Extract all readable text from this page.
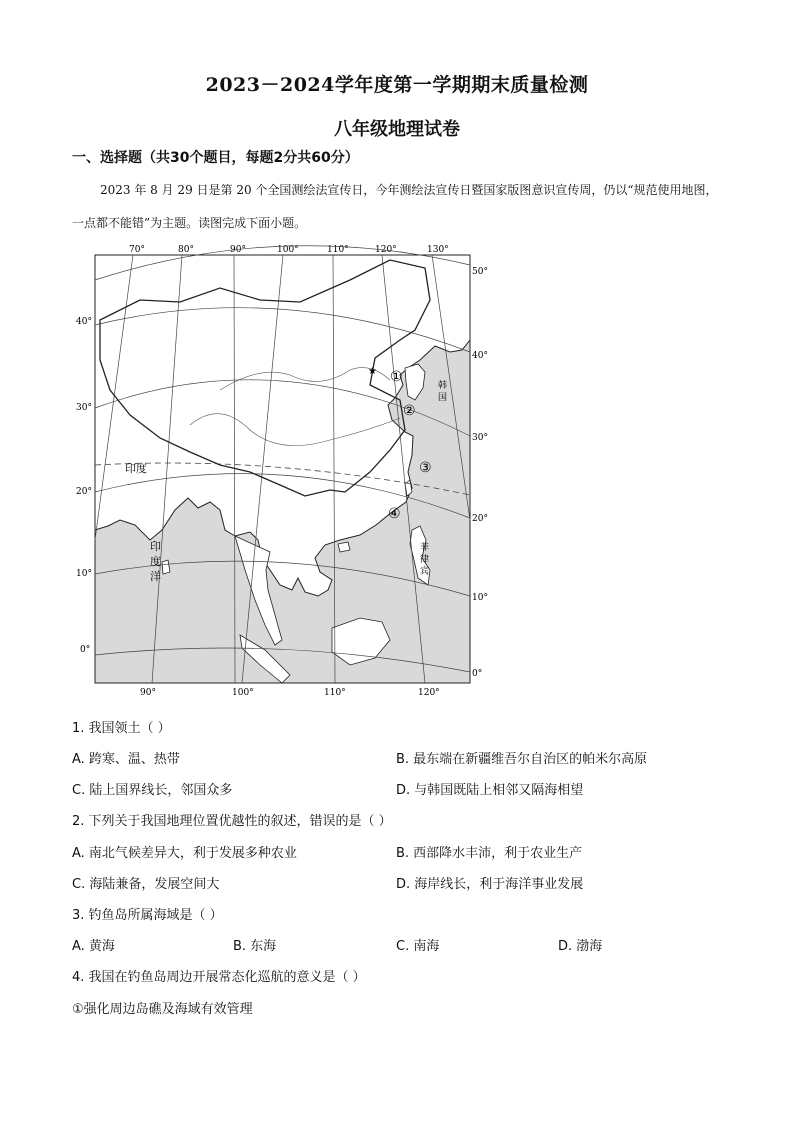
2023－2024学年度第一学期期末质量检测
八年级地理试卷
一、选择题（共30个题目，每题2分共60分）
2023 年 8 月 29 日是第 20 个全国测绘法宣传日，今年测绘法宣传日暨国家版图意识宣传周，仍以“规范使用地图，一点都不能错”为主题。读图完成下面小题。
70°	80°	90°	100°	110°	120°	130°
★ ①
②
③
④
印度
印
度
洋
韩
国
菲
律
宾
40°
30°
20°
10°
0°
50°
40°
30°
20°
10°
0°
90°	100°	110°	120°
1. 我国领土（ ）
A. 跨寒、温、热带	B. 最东端在新疆维吾尔自治区的帕米尔高原
C. 陆上国界线长，邻国众多	D. 与韩国既陆上相邻又隔海相望
2. 下列关于我国地理位置优越性的叙述，错误的是（ ）
A. 南北气候差异大，利于发展多种农业	B. 西部降水丰沛，利于农业生产
C. 海陆兼备，发展空间大	D. 海岸线长，利于海洋事业发展
3. 钓鱼岛所属海域是（ ）
A. 黄海	B. 东海	C. 南海	D. 渤海
4. 我国在钓鱼岛周边开展常态化巡航的意义是（ ）
①强化周边岛礁及海域有效管理
